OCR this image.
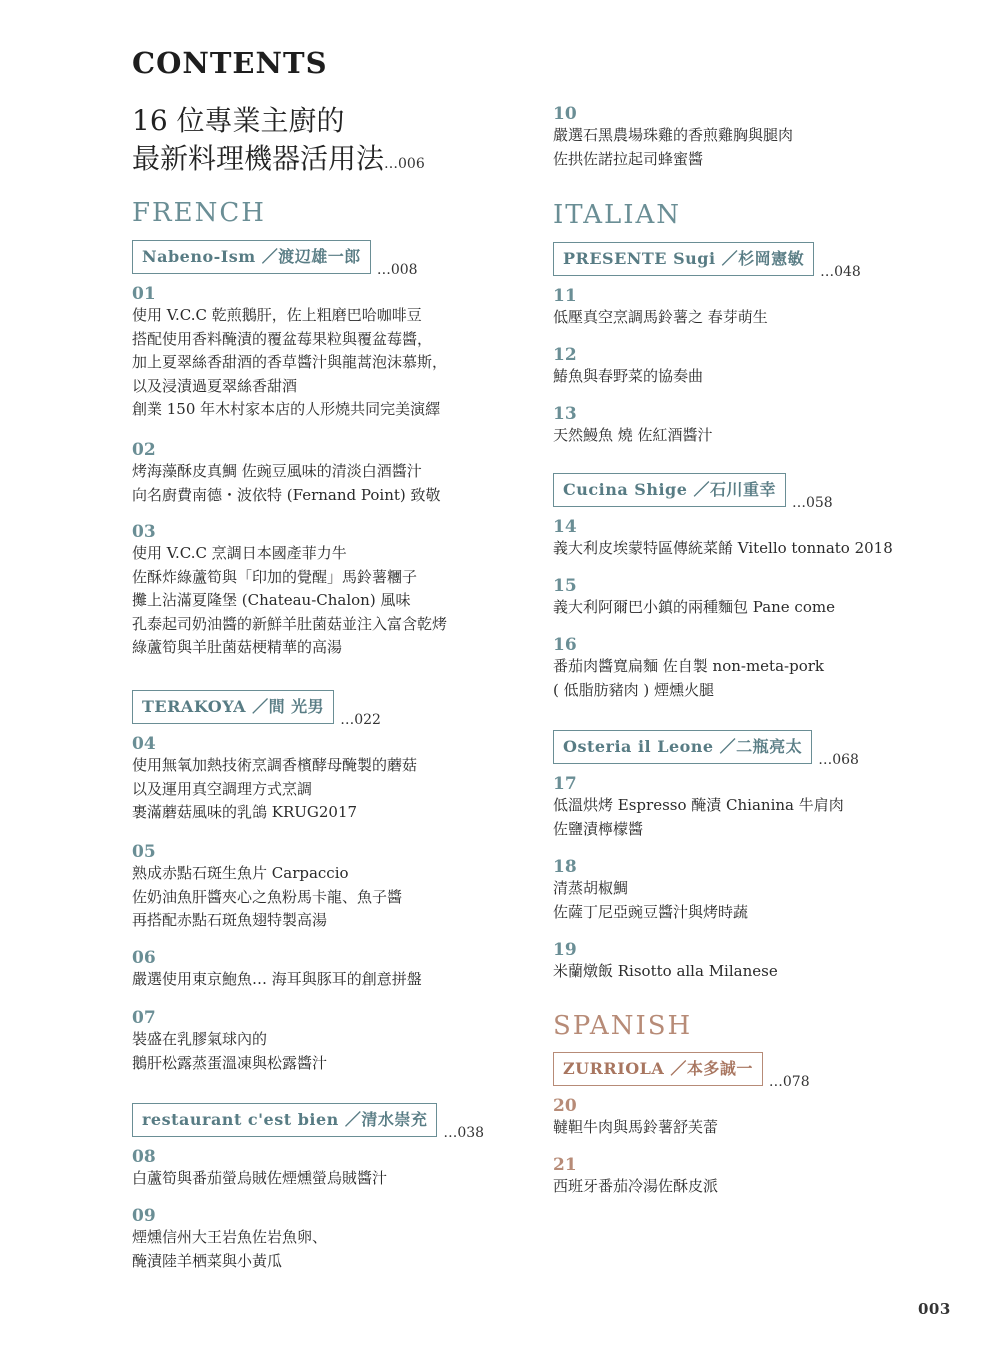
CONTENTS
16 位專業主廚的
最新料理機器活用法…006
FRENCH
Nabeno-Ism ／渡辺雄一郎
…008
01
使用 V.C.C 乾煎鵝肝，佐上粗磨巴哈咖啡豆
搭配使用香料醃漬的覆盆莓果粒與覆盆莓醬，
加上夏翠絲香甜酒的香草醬汁與龍蒿泡沫慕斯，
以及浸漬過夏翠絲香甜酒
創業 150 年木村家本店的人形燒共同完美演繹
02
烤海藻酥皮真鯛 佐豌豆風味的清淡白酒醬汁
向名廚費南德・波依特 (Fernand Point) 致敬
03
使用 V.C.C 烹調日本國產菲力牛
佐酥炸綠蘆筍與「印加的覺醒」馬鈴薯糰子
攤上沾滿夏隆堡 (Chateau-Chalon) 風味
孔泰起司奶油醬的新鮮羊肚菌菇並注入富含乾烤
綠蘆筍與羊肚菌菇梗精華的高湯
TERAKOYA ／間 光男
…022
04
使用無氧加熱技術烹調香檳酵母醃製的蘑菇
以及運用真空調理方式烹調
裹滿蘑菇風味的乳鴿 KRUG2017
05
熟成赤點石斑生魚片 Carpaccio
佐奶油魚肝醬夾心之魚粉馬卡龍、魚子醬
再搭配赤點石斑魚翅特製高湯
06
嚴選使用東京鮑魚… 海耳與豚耳的創意拼盤
07
裝盛在乳膠氣球內的
鵝肝松露蒸蛋溫凍與松露醬汁
restaurant c'est bien ／清水崇充
…038
08
白蘆筍與番茄螢烏賊佐煙燻螢烏賊醬汁
09
煙燻信州大王岩魚佐岩魚卵、
醃漬陸羊栖菜與小黃瓜
10
嚴選石黑農場珠雞的香煎雞胸與腿肉
佐拱佐諾拉起司蜂蜜醬
ITALIAN
PRESENTE Sugi ／杉岡憲敏
…048
11
低壓真空烹調馬鈴薯之 春芽萌生
12
鰆魚與春野菜的協奏曲
13
天然鰻魚 燒 佐紅酒醬汁
Cucina Shige ／石川重幸
…058
14
義大利皮埃蒙特區傳統菜餚 Vitello tonnato 2018
15
義大利阿爾巴小鎮的兩種麵包 Pane come
16
番茄肉醬寬扁麵 佐自製 non-meta-pork
( 低脂肪豬肉 ) 煙燻火腿
Osteria il Leone ／二瓶亮太
…068
17
低溫烘烤 Espresso 醃漬 Chianina 牛肩肉
佐鹽漬檸檬醬
18
清蒸胡椒鯛
佐薩丁尼亞豌豆醬汁與烤時蔬
19
米蘭燉飯 Risotto alla Milanese
SPANISH
ZURRIOLA ／本多誠一
…078
20
韃靼牛肉與馬鈴薯舒芙蕾
21
西班牙番茄冷湯佐酥皮派
003
